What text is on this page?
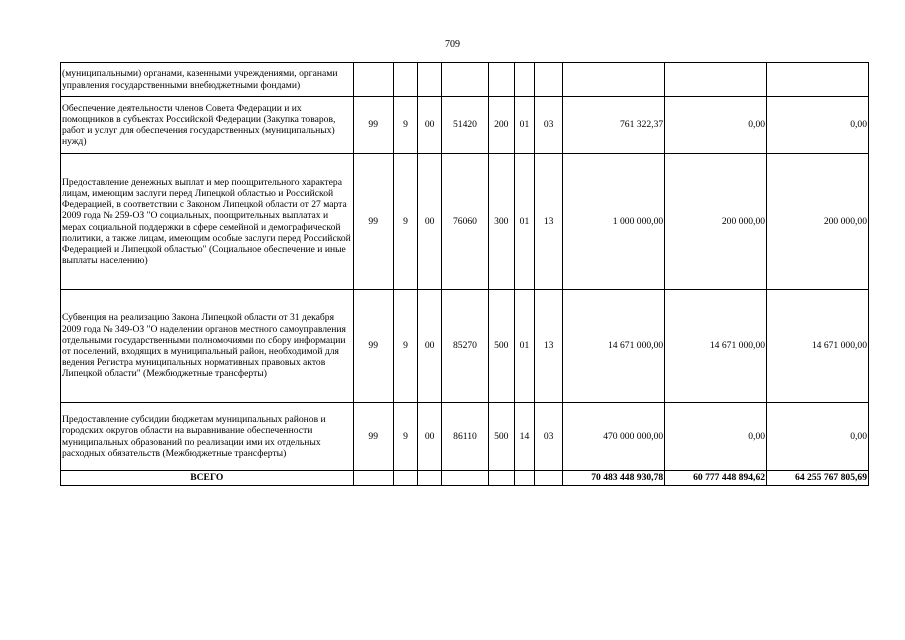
709
(муниципальными) органами, казенными учреждениями, органами управления государственными внебюджетными фондами)										
Обеспечение деятельности членов Совета Федерации и их помощников в субъектах Российской Федерации (Закупка товаров, работ и услуг для обеспечения государственных (муниципальных) нужд)	99	9	00	51420	200	01	03	761 322,37	0,00	0,00
Предоставление денежных выплат и мер поощрительного характера лицам, имеющим заслуги перед Липецкой областью и Российской Федерацией, в соответствии с Законом Липецкой области от 27 марта 2009 года № 259-ОЗ "О социальных, поощрительных выплатах и мерах социальной поддержки в сфере семейной и демографической политики, а также лицам, имеющим особые заслуги перед Российской Федерацией и Липецкой областью" (Социальное обеспечение и иные выплаты населению)	99	9	00	76060	300	01	13	1 000 000,00	200 000,00	200 000,00
Субвенция на реализацию Закона Липецкой области от 31 декабря 2009 года № 349-ОЗ "О наделении органов местного самоуправления отдельными государственными полномочиями по сбору информации от поселений, входящих в муниципальный район, необходимой для ведения Регистра муниципальных нормативных правовых актов Липецкой области" (Межбюджетные трансферты)	99	9	00	85270	500	01	13	14 671 000,00	14 671 000,00	14 671 000,00
Предоставление субсидии бюджетам муниципальных районов и городских округов области на выравнивание обеспеченности муниципальных образований по реализации ими их отдельных расходных обязательств (Межбюджетные трансферты)	99	9	00	86110	500	14	03	470 000 000,00	0,00	0,00
ВСЕГО								70 483 448 930,78	60 777 448 894,62	64 255 767 805,69
